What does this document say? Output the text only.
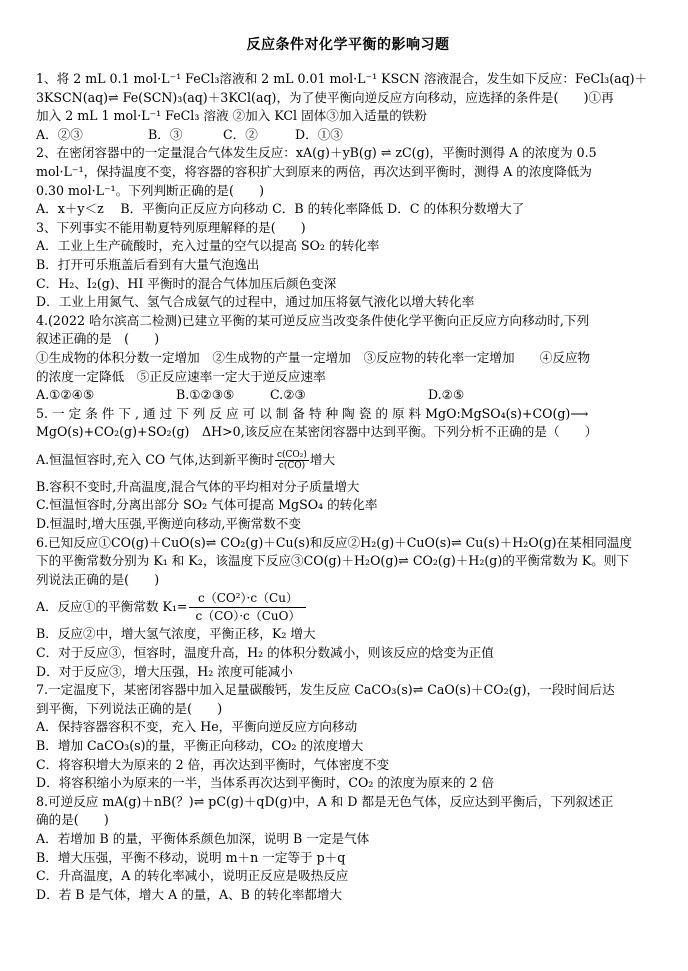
反应条件对化学平衡的影响习题
1、将 2 mL 0.1 mol·L⁻¹ FeCl₃溶液和 2 mL 0.01 mol·L⁻¹ KSCN 溶液混合，发生如下反应：FeCl₃(aq)＋
3KSCN(aq)⇌ Fe(SCN)₃(aq)＋3KCl(aq)，为了使平衡向逆反应方向移动，应选择的条件是(　　)①再
加入 2 mL 1 mol·L⁻¹ FeCl₃ 溶液 ②加入 KCl 固体③加入适量的铁粉
A．②③	B．③	C．②	D．①③
2、在密闭容器中的一定量混合气体发生反应：xA(g)＋yB(g) ⇌ zC(g)，平衡时测得 A 的浓度为 0.5
mol·L⁻¹，保持温度不变，将容器的容积扩大到原来的两倍，再次达到平衡时，测得 A 的浓度降低为
0.30 mol·L⁻¹。下列判断正确的是(　　)
A．x＋y＜z　 B．平衡向正反应方向移动 C．B 的转化率降低 D．C 的体积分数增大了
3、下列事实不能用勒夏特列原理解释的是(　　)
A．工业上生产硫酸时，充入过量的空气以提高 SO₂ 的转化率
B．打开可乐瓶盖后看到有大量气泡逸出
C．H₂、I₂(g)、HI 平衡时的混合气体加压后颜色变深
D．工业上用氮气、氢气合成氨气的过程中，通过加压将氨气液化以增大转化率
4.(2022 哈尔滨高二检测)已建立平衡的某可逆反应当改变条件使化学平衡向正反应方向移动时,下列
叙述正确的是　(　　)
①生成物的体积分数一定增加　②生成物的产量一定增加　③反应物的转化率一定增加　　④反应物
的浓度一定降低　⑤正反应速率一定大于逆反应速率
A.①②④⑤	B.①②③⑤	C.②③	D.②⑤
5. 一 定 条 件 下 , 通 过 下 列 反 应 可 以 制 备 特 种 陶 瓷 的 原 料 MgO:MgSO₄(s)+CO(g)⟶
MgO(s)+CO₂(g)+SO₂(g)　ΔH>0,该反应在某密闭容器中达到平衡。下列分析不正确的是（　　）
A.恒温恒容时,充入 CO 气体,达到新平衡时 $\frac{\text{c(CO₂)}}{c(CO)}$ 增大
B.容积不变时,升高温度,混合气体的平均相对分子质量增大
C.恒温恒容时,分离出部分 SO₂ 气体可提高 MgSO₄ 的转化率
D.恒温时,增大压强,平衡逆向移动,平衡常数不变
6.已知反应①CO(g)＋CuO(s)⇌ CO₂(g)＋Cu(s)和反应②H₂(g)＋CuO(s)⇌ Cu(s)＋H₂O(g)在某相同温度
下的平衡常数分别为 K₁ 和 K₂，该温度下反应③CO(g)＋H₂O(g)⇌ CO₂(g)＋H₂(g)的平衡常数为 K。则下
列说法正确的是(　　)
A．反应①的平衡常数 $K_1= \frac{\text{c（CO²）·c（Cu）}}{\text{c（CO）·c（CuO）}}$
B．反应②中，增大氢气浓度，平衡正移，K₂ 增大
C．对于反应③，恒容时，温度升高，H₂ 的体积分数减小，则该反应的焓变为正值
D．对于反应③，增大压强，H₂ 浓度可能减小
7.一定温度下，某密闭容器中加入足量碳酸钙，发生反应 CaCO₃(s)⇌ CaO(s)＋CO₂(g)，一段时间后达
到平衡，下列说法正确的是(　　)
A．保持容器容积不变，充入 He，平衡向逆反应方向移动
B．增加 CaCO₃(s)的量，平衡正向移动，CO₂ 的浓度增大
C．将容积增大为原来的 2 倍，再次达到平衡时，气体密度不变
D．将容积缩小为原来的一半，当体系再次达到平衡时，CO₂ 的浓度为原来的 2 倍
8.可逆反应 mA(g)＋nB(？)⇌ pC(g)＋qD(g)中，A 和 D 都是无色气体，反应达到平衡后，下列叙述正
确的是(　　)
A．若增加 B 的量，平衡体系颜色加深，说明 B 一定是气体
B．增大压强，平衡不移动，说明 m＋n 一定等于 p＋q
C．升高温度，A 的转化率减小，说明正反应是吸热反应
D．若 B 是气体，增大 A 的量，A、B 的转化率都增大
